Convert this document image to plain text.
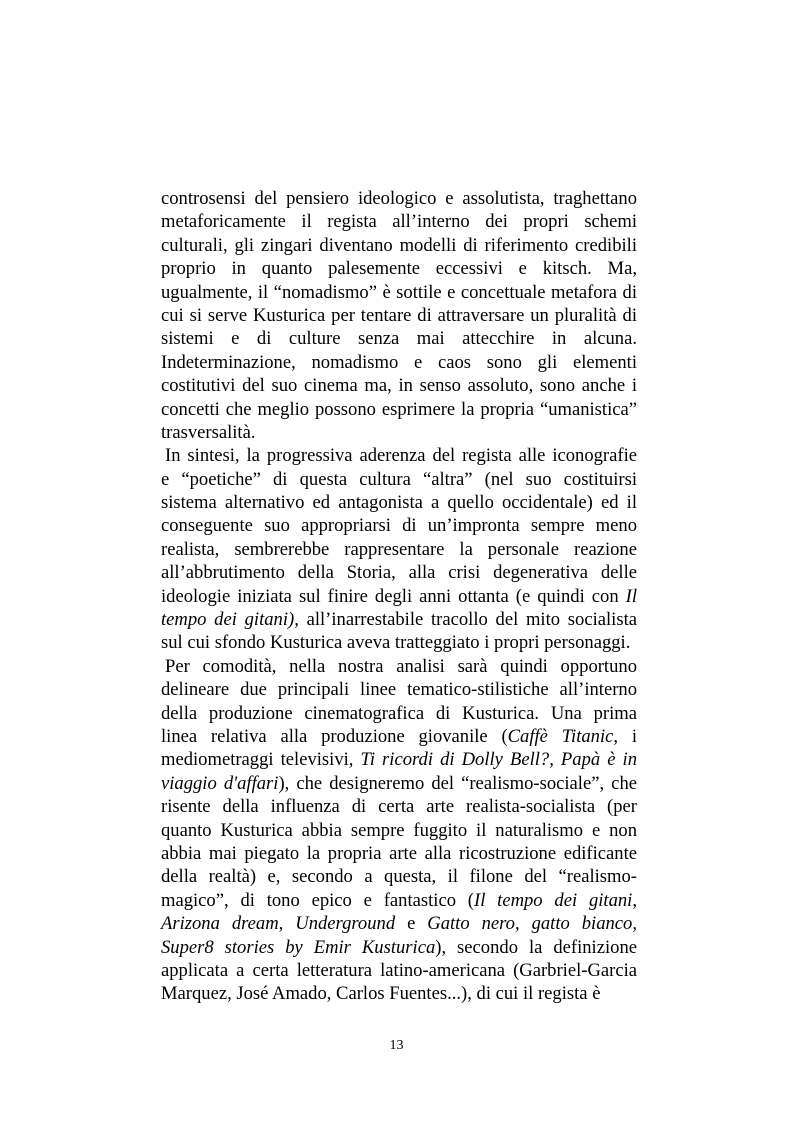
controsensi del pensiero ideologico e assolutista, traghettano
metaforicamente il regista all’interno dei propri schemi
culturali, gli zingari diventano modelli di riferimento credibili
proprio in quanto palesemente eccessivi e kitsch. Ma,
ugualmente, il “nomadismo” è sottile e concettuale metafora di
cui si serve Kusturica per tentare di attraversare un pluralità di
sistemi e di culture senza mai attecchire in alcuna.
Indeterminazione, nomadismo e caos sono gli elementi
costitutivi del suo cinema ma, in senso assoluto, sono anche i
concetti che meglio possono esprimere la propria “umanistica”
trasversalità.
In sintesi, la progressiva aderenza del regista alle iconografie
e “poetiche” di questa cultura “altra” (nel suo costituirsi
sistema alternativo ed antagonista a quello occidentale) ed il
conseguente suo appropriarsi di un’impronta sempre meno
realista, sembrerebbe rappresentare la personale reazione
all’abbrutimento della Storia, alla crisi degenerativa delle
ideologie iniziata sul finire degli anni ottanta (e quindi con Il
tempo dei gitani), all’inarrestabile tracollo del mito socialista
sul cui sfondo Kusturica aveva tratteggiato i propri personaggi.
Per comodità, nella nostra analisi sarà quindi opportuno
delineare due principali linee tematico-stilistiche all’interno
della produzione cinematografica di Kusturica. Una prima
linea relativa alla produzione giovanile (Caffè Titanic, i
mediometraggi televisivi, Ti ricordi di Dolly Bell?, Papà è in
viaggio d'affari), che designeremo del “realismo-sociale”, che
risente della influenza di certa arte realista-socialista (per
quanto Kusturica abbia sempre fuggito il naturalismo e non
abbia mai piegato la propria arte alla ricostruzione edificante
della realtà) e, secondo a questa, il filone del “realismo-
magico”, di tono epico e fantastico (Il tempo dei gitani,
Arizona dream, Underground e Gatto nero, gatto bianco,
Super8 stories by Emir Kusturica), secondo la definizione
applicata a certa letteratura latino-americana (Garbriel-Garcia
Marquez, José Amado, Carlos Fuentes...), di cui il regista è
13
